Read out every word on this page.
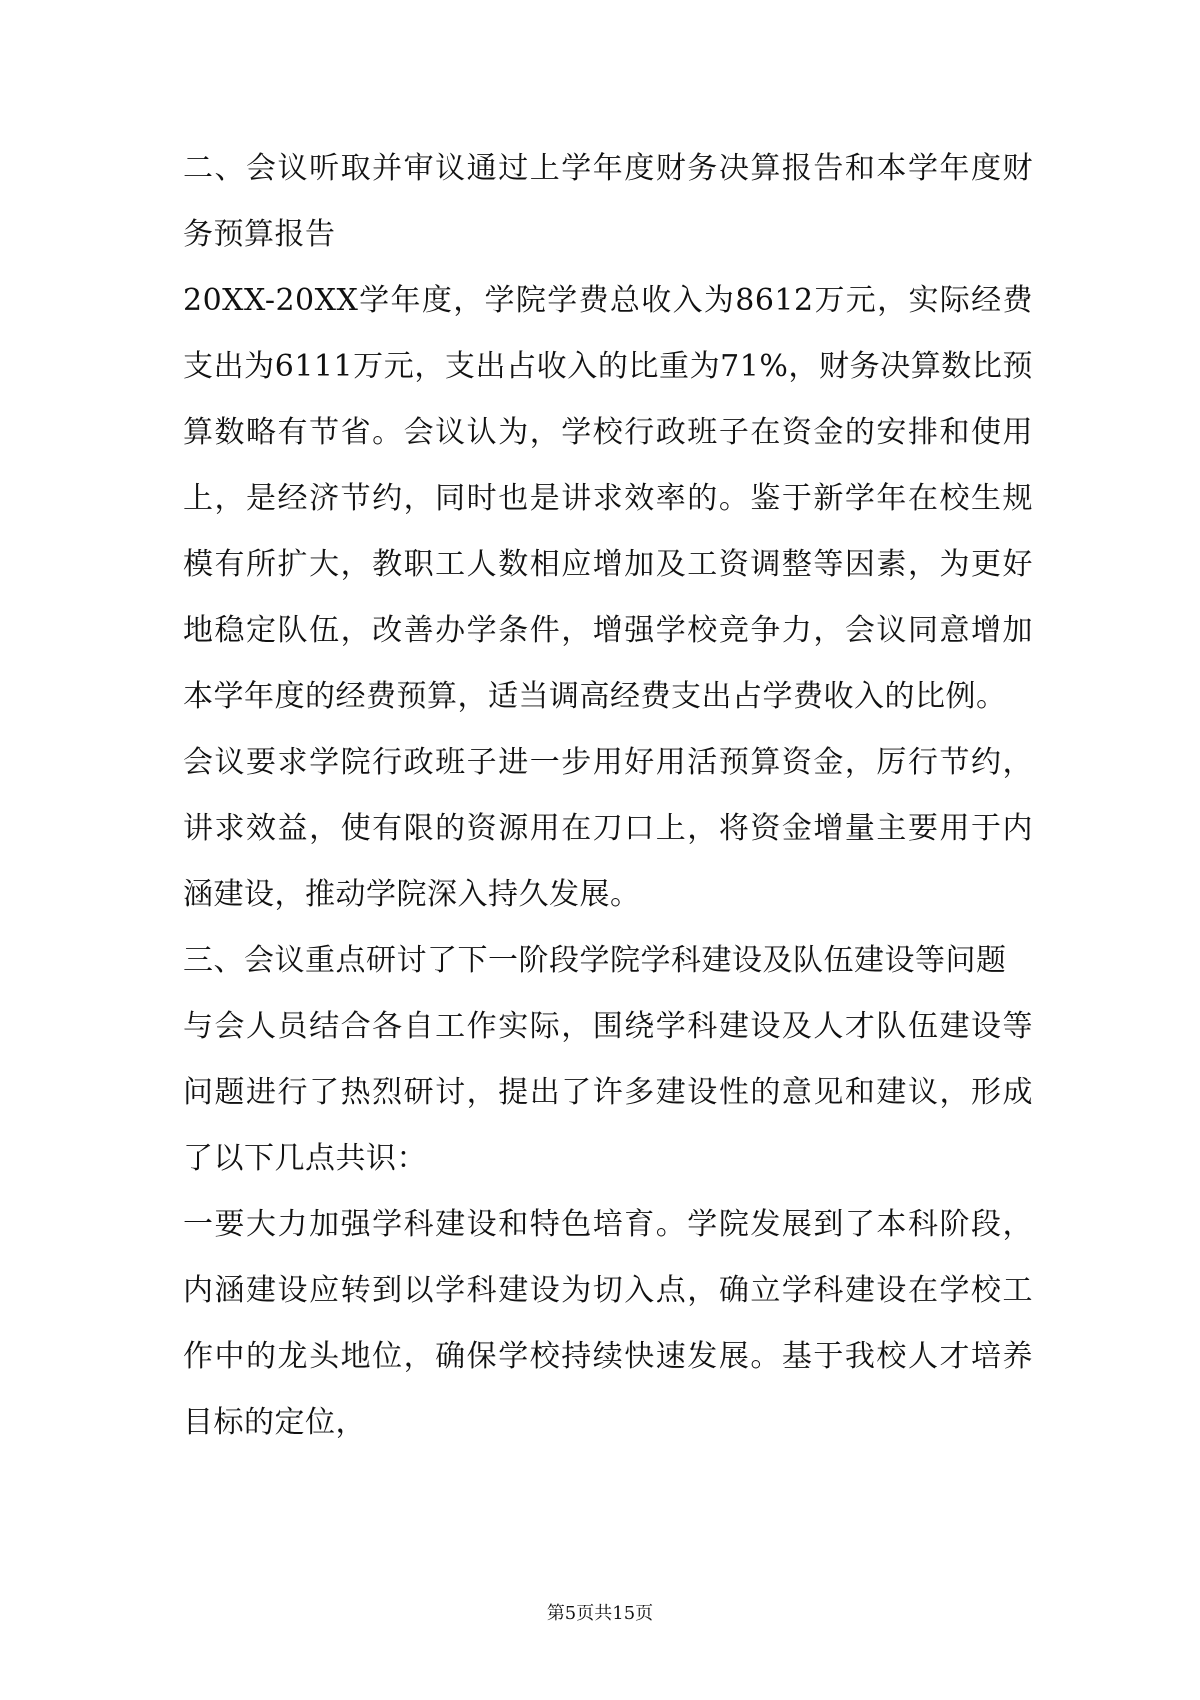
二、会议听取并审议通过上学年度财务决算报告和本学年度财务预算报告

20XX-20XX学年度，学院学费总收入为8612万元，实际经费支出为6111万元，支出占收入的比重为71%，财务决算数比预算数略有节省。会议认为，学校行政班子在资金的安排和使用上，是经济节约，同时也是讲求效率的。鉴于新学年在校生规模有所扩大，教职工人数相应增加及工资调整等因素，为更好地稳定队伍，改善办学条件，增强学校竞争力，会议同意增加本学年度的经费预算，适当调高经费支出占学费收入的比例。

会议要求学院行政班子进一步用好用活预算资金，厉行节约，讲求效益，使有限的资源用在刀口上，将资金增量主要用于内涵建设，推动学院深入持久发展。

三、会议重点研讨了下一阶段学院学科建设及队伍建设等问题

与会人员结合各自工作实际，围绕学科建设及人才队伍建设等问题进行了热烈研讨，提出了许多建设性的意见和建议，形成了以下几点共识：

一要大力加强学科建设和特色培育。学院发展到了本科阶段，内涵建设应转到以学科建设为切入点，确立学科建设在学校工作中的龙头地位，确保学校持续快速发展。基于我校人才培养目标的定位，

第5页共15页
